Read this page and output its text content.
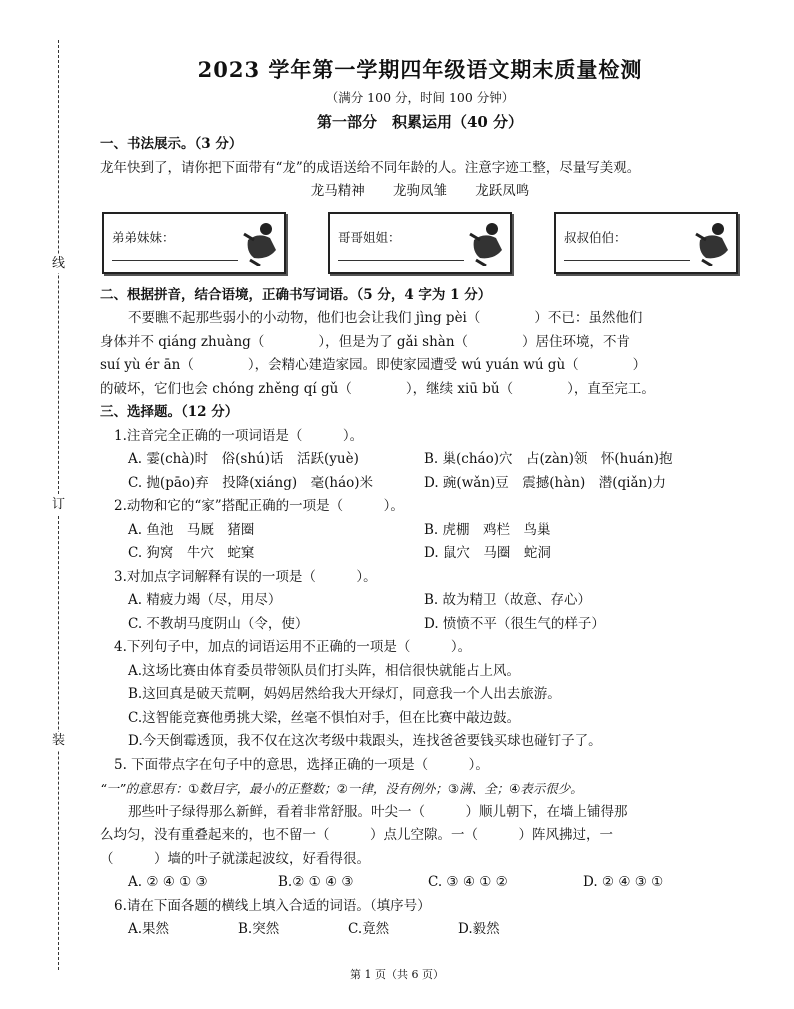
线
订
装
2023 学年第一学期四年级语文期末质量检测
（满分 100 分，时间 100 分钟）
第一部分　积累运用（40 分）
一、书法展示。（3 分）
龙年快到了，请你把下面带有“龙”的成语送给不同年龄的人。注意字迹工整，尽量写美观。
龙马精神 龙驹凤雏 龙跃凤鸣
弟弟妹妹：	哥哥姐姐：	叔叔伯伯：
二、根据拼音，结合语境，正确书写词语。（5 分，4 字为 1 分）
不要瞧不起那些弱小的小动物，他们也会让我们 jìng pèi（　　　　）不已：虽然他们
身体并不 qiáng zhuàng（　　　　），但是为了 gǎi shàn（　　　　）居住环境，不肯
suí yù ér ān（　　　　），会精心建造家园。即使家园遭受 wú yuán wú gù（　　　　）
的破坏，它们也会 chóng zhěng qí gǔ（　　　　），继续 xiū bǔ（　　　　），直至完工。
三、选择题。（12 分）
1.注音完全正确的一项词语是（　　　）。
A. 霎(chà)时　俗(shú)话　活跃(yuè)	B. 巢(cháo)穴　占(zàn)领　怀(huán)抱
C. 抛(pāo)弃　投降(xiáng)　毫(háo)米	D. 豌(wǎn)豆　震撼(hàn)　潜(qiǎn)力
2.动物和它的“家”搭配正确的一项是（　　　）。
A. 鱼池　马厩　猪圈	B. 虎棚　鸡栏　鸟巢
C. 狗窝　牛穴　蛇窠	D. 鼠穴　马圈　蛇洞
3.对加点字词解释有误的一项是（　　　）。
A. 精疲力竭（尽，用尽）	B. 故为精卫（故意、存心）
C. 不教胡马度阴山（令，使）	D. 愤愤不平（很生气的样子）
4.下列句子中，加点的词语运用不正确的一项是（　　　）。
A.这场比赛由体育委员带领队员们打头阵，相信很快就能占上风。
B.这回真是破天荒啊，妈妈居然给我大开绿灯，同意我一个人出去旅游。
C.这智能竞赛他勇挑大梁，丝毫不惧怕对手，但在比赛中敲边鼓。
D.今天倒霉透顶，我不仅在这次考级中栽跟头，连找爸爸要钱买球也碰钉子了。
5. 下面带点字在句子中的意思，选择正确的一项是（　　　）。
“一”的意思有：①数目字，最小的正整数；②一律，没有例外；③满、全；④表示很少。
那些叶子绿得那么新鲜，看着非常舒服。叶尖一（　　　）顺儿朝下，在墙上铺得那
么均匀，没有重叠起来的，也不留一（　　　）点儿空隙。一（　　　）阵风拂过，一
（　　　）墙的叶子就漾起波纹，好看得很。
A. ② ④ ① ③	B.② ① ④ ③	C. ③ ④ ① ②	D. ② ④ ③ ①
6.请在下面各题的横线上填入合适的词语。（填序号）
A.果然	B.突然	C.竟然	D.毅然
第 1 页（共 6 页）
